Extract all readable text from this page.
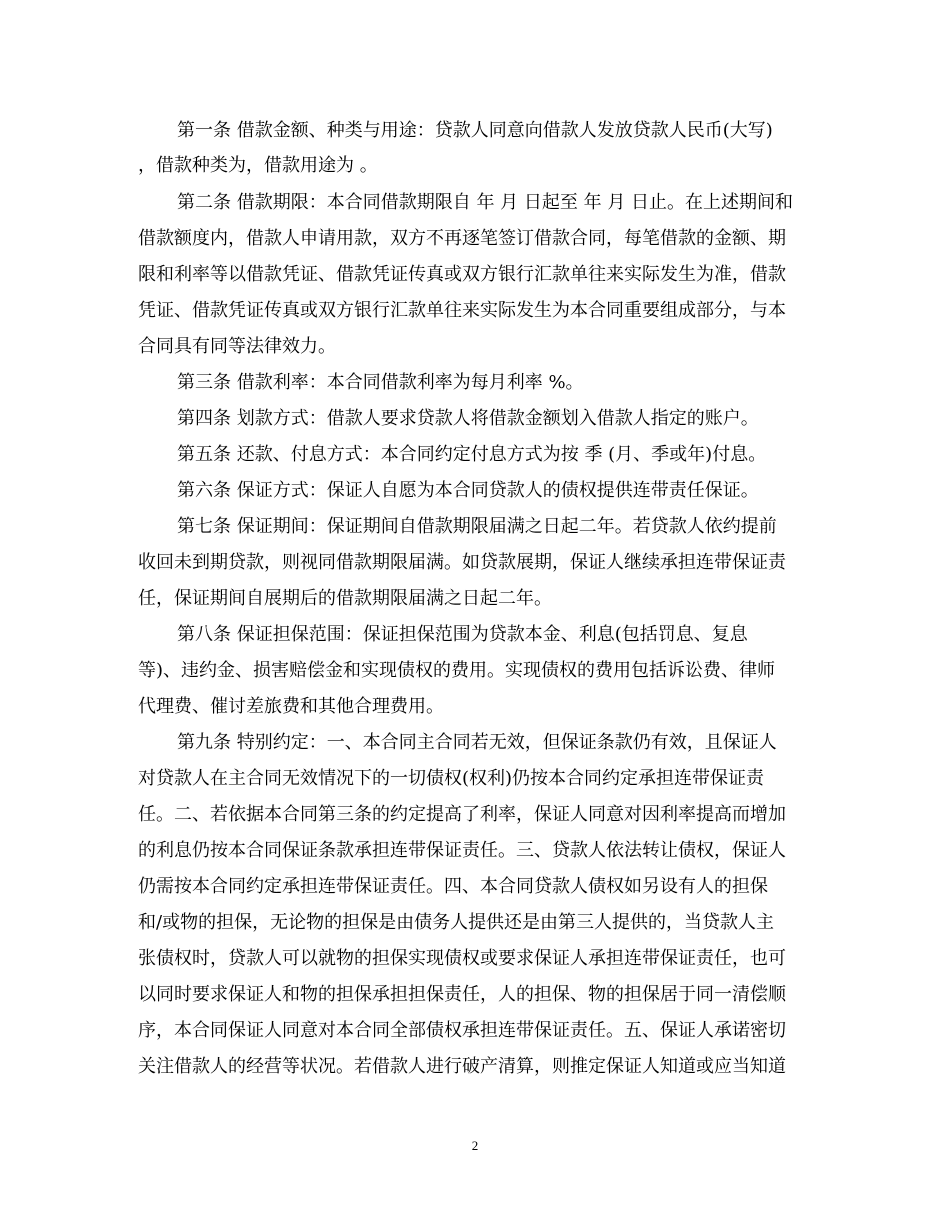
第一条 借款金额、种类与用途：贷款人同意向借款人发放贷款人民币(大写)
，借款种类为，借款用途为 。
第二条 借款期限：本合同借款期限自 年 月 日起至 年 月 日止。在上述期间和
借款额度内，借款人申请用款，双方不再逐笔签订借款合同，每笔借款的金额、期
限和利率等以借款凭证、借款凭证传真或双方银行汇款单往来实际发生为准，借款
凭证、借款凭证传真或双方银行汇款单往来实际发生为本合同重要组成部分，与本
合同具有同等法律效力。
第三条 借款利率：本合同借款利率为每月利率 %。
第四条 划款方式：借款人要求贷款人将借款金额划入借款人指定的账户。
第五条 还款、付息方式：本合同约定付息方式为按 季 (月、季或年)付息。
第六条 保证方式：保证人自愿为本合同贷款人的债权提供连带责任保证。
第七条 保证期间：保证期间自借款期限届满之日起二年。若贷款人依约提前
收回未到期贷款，则视同借款期限届满。如贷款展期，保证人继续承担连带保证责
任，保证期间自展期后的借款期限届满之日起二年。
第八条 保证担保范围：保证担保范围为贷款本金、利息(包括罚息、复息
等)、违约金、损害赔偿金和实现债权的费用。实现债权的费用包括诉讼费、律师
代理费、催讨差旅费和其他合理费用。
第九条 特别约定：一、本合同主合同若无效，但保证条款仍有效，且保证人
对贷款人在主合同无效情况下的一切债权(权利)仍按本合同约定承担连带保证责
任。二、若依据本合同第三条的约定提高了利率，保证人同意对因利率提高而增加
的利息仍按本合同保证条款承担连带保证责任。三、贷款人依法转让债权，保证人
仍需按本合同约定承担连带保证责任。四、本合同贷款人债权如另设有人的担保
和/或物的担保，无论物的担保是由债务人提供还是由第三人提供的，当贷款人主
张债权时，贷款人可以就物的担保实现债权或要求保证人承担连带保证责任，也可
以同时要求保证人和物的担保承担担保责任，人的担保、物的担保居于同一清偿顺
序，本合同保证人同意对本合同全部债权承担连带保证责任。五、保证人承诺密切
关注借款人的经营等状况。若借款人进行破产清算，则推定保证人知道或应当知道
2
